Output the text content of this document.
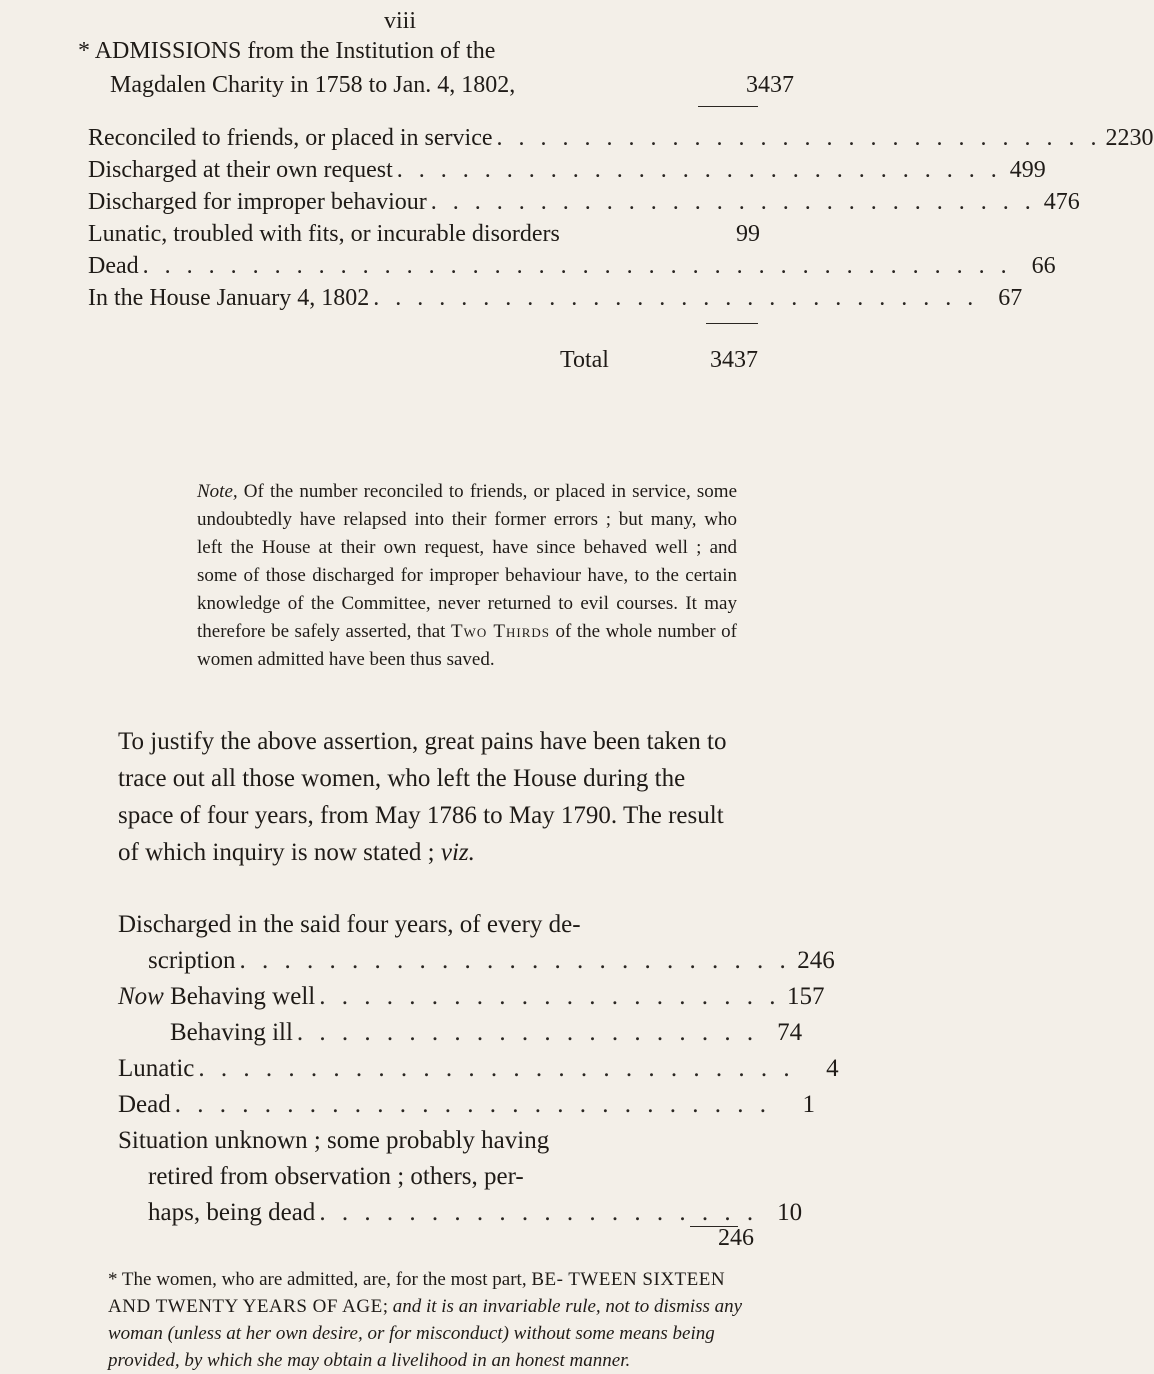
viii
* ADMISSIONS from the Institution of the
Magdalen Charity in 1758 to Jan. 4, 1802,	3437
Reconciled to friends, or placed in service . . . . . . . . . . . . . . . . . . . . . . . . . . . . 2230
Discharged at their own request . . . . . . . . . . . . . . . . . . . . . . . . . . . . 499
Discharged for improper behaviour . . . . . . . . . . . . . . . . . . . . . . . . . . . . 476
Lunatic, troubled with fits, or incurable disorders	99
Dead . . . . . . . . . . . . . . . . . . . . . . . . . . . . . . . . . . . . . . . . 66
In the House January 4, 1802 . . . . . . . . . . . . . . . . . . . . . . . . . . . . 67
Total	3437
Note, Of the number reconciled to friends, or placed in service, some undoubtedly have relapsed into their former errors ; but many, who left the House at their own request, have since behaved well ; and some of those discharged for improper behaviour have, to the certain knowledge of the Committee, never returned to evil courses. It may therefore be safely asserted, that Two Thirds of the whole number of women admitted have been thus saved.
To justify the above assertion, great pains have been taken to trace out all those women, who left the House during the space of four years, from May 1786 to May 1790. The result of which inquiry is now stated ; viz.
Discharged in the said four years, of every de-
scription . . . . . . . . . . . . . . . . . . . . . . . . . 246
Now Behaving well . . . . . . . . . . . . . . . . . . . . . 157
Behaving ill . . . . . . . . . . . . . . . . . . . . . 74
Lunatic . . . . . . . . . . . . . . . . . . . . . . . . . . .	4
Dead . . . . . . . . . . . . . . . . . . . . . . . . . . .	1
Situation unknown ; some probably having
retired from observation ; others, per-
haps, being dead . . . . . . . . . . . . . . . . . . . . 10
246
* The women, who are admitted, are, for the most part, BE- TWEEN SIXTEEN AND TWENTY YEARS OF AGE; and it is an invariable rule, not to dismiss any woman (unless at her own desire, or for misconduct) without some means being provided, by which she may obtain a livelihood in an honest manner.
